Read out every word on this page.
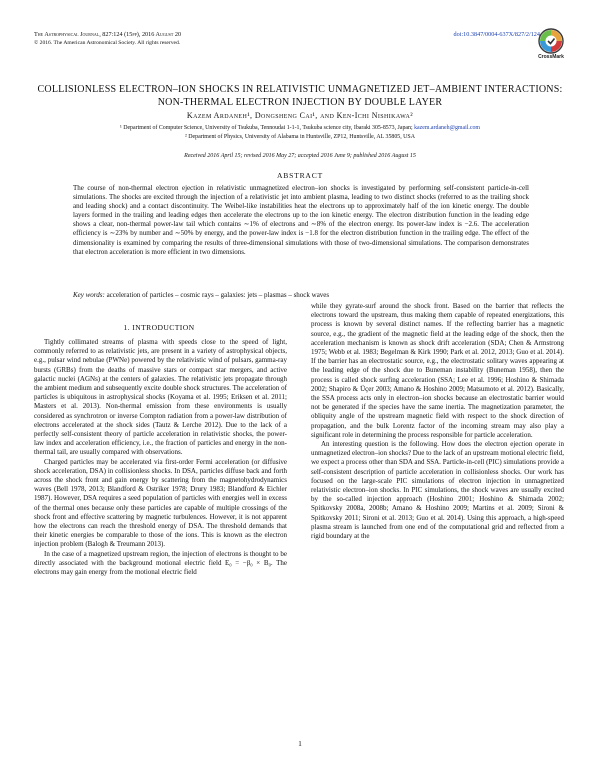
The Astrophysical Journal, 827:124 (15pp), 2016 August 20
© 2016. The American Astronomical Society. All rights reserved.
doi:10.3847/0004-637X/827/2/124
CrossMark
COLLISIONLESS ELECTRON–ION SHOCKS IN RELATIVISTIC UNMAGNETIZED JET–AMBIENT INTERACTIONS: NON-THERMAL ELECTRON INJECTION BY DOUBLE LAYER
Kazem Ardaneh¹, Dongsheng Cai¹, and Ken-Ichi Nishikawa²
¹ Department of Computer Science, University of Tsukuba, Tennoudai 1-1-1, Tsukuba science city, Ibaraki 305-8573, Japan; kazem.ardaneh@gmail.com
² Department of Physics, University of Alabama in Huntsville, ZP12, Huntsville, AL 35805, USA
Received 2016 April 15; revised 2016 May 27; accepted 2016 June 9; published 2016 August 15
ABSTRACT
The course of non-thermal electron ejection in relativistic unmagnetized electron–ion shocks is investigated by performing self-consistent particle-in-cell simulations. The shocks are excited through the injection of a relativistic jet into ambient plasma, leading to two distinct shocks (referred to as the trailing shock and leading shock) and a contact discontinuity. The Weibel-like instabilities heat the electrons up to approximately half of the ion kinetic energy. The double layers formed in the trailing and leading edges then accelerate the electrons up to the ion kinetic energy. The electron distribution function in the leading edge shows a clear, non-thermal power-law tail which contains ∼1% of electrons and ∼8% of the electron energy. Its power-law index is −2.6. The acceleration efficiency is ∼23% by number and ∼50% by energy, and the power-law index is −1.8 for the electron distribution function in the trailing edge. The effect of the dimensionality is examined by comparing the results of three-dimensional simulations with those of two-dimensional simulations. The comparison demonstrates that electron acceleration is more efficient in two dimensions.
Key words: acceleration of particles – cosmic rays – galaxies: jets – plasmas – shock waves
1. INTRODUCTION

Tightly collimated streams of plasma with speeds close to the speed of light, commonly referred to as relativistic jets, are present in a variety of astrophysical objects, e.g., pulsar wind nebulae (PWNe) powered by the relativistic wind of pulsars, gamma-ray bursts (GRBs) from the deaths of massive stars or compact star mergers, and active galactic nuclei (AGNs) at the centers of galaxies. The relativistic jets propagate through the ambient medium and subsequently excite double shock structures. The acceleration of particles is ubiquitous in astrophysical shocks (Koyama et al. 1995; Eriksen et al. 2011; Masters et al. 2013). Non-thermal emission from these environments is usually considered as synchrotron or inverse Compton radiation from a power-law distribution of electrons accelerated at the shock sides (Tautz & Lerche 2012). Due to the lack of a perfectly self-consistent theory of particle acceleration in relativistic shocks, the power-law index and acceleration efficiency, i.e., the fraction of particles and energy in the non-thermal tail, are usually compared with observations.

Charged particles may be accelerated via first-order Fermi acceleration (or diffusive shock acceleration, DSA) in collisionless shocks. In DSA, particles diffuse back and forth across the shock front and gain energy by scattering from the magnetohydrodynamics waves (Bell 1978, 2013; Blandford & Ostriker 1978; Drury 1983; Blandford & Eichler 1987). However, DSA requires a seed population of particles with energies well in excess of the thermal ones because only these particles are capable of multiple crossings of the shock front and effective scattering by magnetic turbulences. However, it is not apparent how the electrons can reach the threshold energy of DSA. The threshold demands that their kinetic energies be comparable to those of the ions. This is known as the electron injection problem (Balogh & Treumann 2013).

In the case of a magnetized upstream region, the injection of electrons is thought to be directly associated with the background motional electric field E₀ = −β₀ × B₀. The electrons may gain energy from the motional electric field

while they gyrate-surf around the shock front. Based on the barrier that reflects the electrons toward the upstream, thus making them capable of repeated energizations, this process is known by several distinct names. If the reflecting barrier has a magnetic source, e.g., the gradient of the magnetic field at the leading edge of the shock, then the acceleration mechanism is known as shock drift acceleration (SDA; Chen & Armstrong 1975; Webb et al. 1983; Begelman & Kirk 1990; Park et al. 2012, 2013; Guo et al. 2014). If the barrier has an electrostatic source, e.g., the electrostatic solitary waves appearing at the leading edge of the shock due to Buneman instability (Buneman 1958), then the process is called shock surfing acceleration (SSA; Lee et al. 1996; Hoshino & Shimada 2002; Shapiro & Üçer 2003; Amano & Hoshino 2009; Matsumoto et al. 2012). Basically, the SSA process acts only in electron–ion shocks because an electrostatic barrier would not be generated if the species have the same inertia. The magnetization parameter, the obliquity angle of the upstream magnetic field with respect to the shock direction of propagation, and the bulk Lorentz factor of the incoming stream may also play a significant role in determining the process responsible for particle acceleration.

An interesting question is the following. How does the electron ejection operate in unmagnetized electron–ion shocks? Due to the lack of an upstream motional electric field, we expect a process other than SDA and SSA. Particle-in-cell (PIC) simulations provide a self-consistent description of particle acceleration in collisionless shocks. Our work has focused on the large-scale PIC simulations of electron injection in unmagnetized relativistic electron–ion shocks. In PIC simulations, the shock waves are usually excited by the so-called injection approach (Hoshino 2001; Hoshino & Shimada 2002; Spitkovsky 2008a, 2008b; Amano & Hoshino 2009; Martins et al. 2009; Sironi & Spitkovsky 2011; Sironi et al. 2013; Guo et al. 2014). Using this approach, a high-speed plasma stream is launched from one end of the computational grid and reflected from a rigid boundary at the

1
